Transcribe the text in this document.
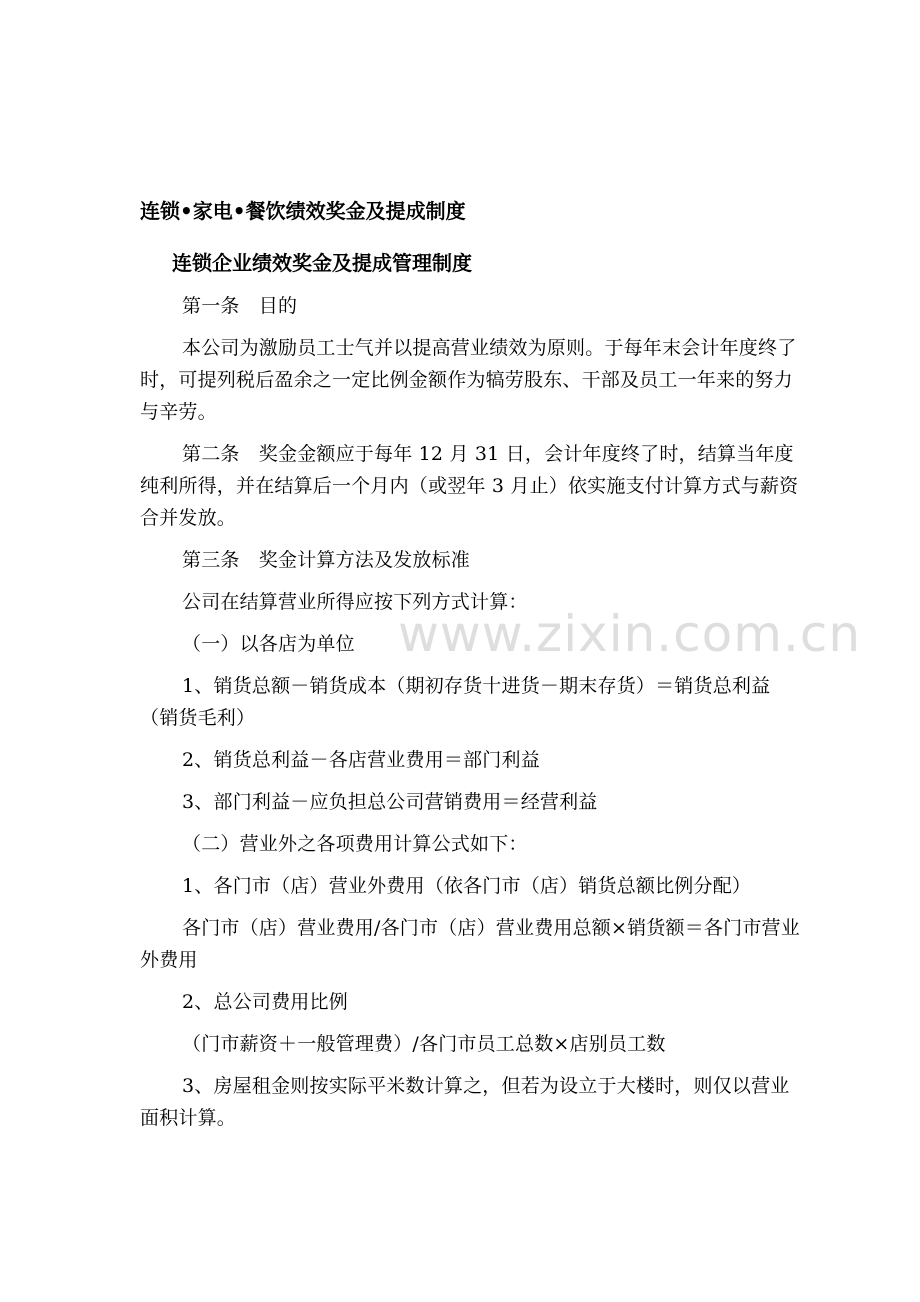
连锁•家电•餐饮绩效奖金及提成制度
连锁企业绩效奖金及提成管理制度

第一条　目的

本公司为激励员工士气并以提高营业绩效为原则。于每年末会计年度终了时，可提列税后盈余之一定比例金额作为犒劳股东、干部及员工一年来的努力与辛劳。

第二条　奖金金额应于每年 12 月 31 日，会计年度终了时，结算当年度纯利所得，并在结算后一个月内（或翌年 3 月止）依实施支付计算方式与薪资合并发放。

第三条　奖金计算方法及发放标准

公司在结算营业所得应按下列方式计算：

（一）以各店为单位

1、销货总额－销货成本（期初存货十进货－期末存货）＝销货总利益（销货毛利）

2、销货总利益－各店营业费用＝部门利益

3、部门利益－应负担总公司营销费用＝经营利益

（二）营业外之各项费用计算公式如下：

1、各门市（店）营业外费用（依各门市（店）销货总额比例分配）

各门市（店）营业费用/各门市（店）营业费用总额×销货额＝各门市营业外费用

2、总公司费用比例

（门市薪资＋一般管理费）/各门市员工总数×店别员工数

3、房屋租金则按实际平米数计算之，但若为设立于大楼时，则仅以营业面积计算。

www.zixin.com.cn
